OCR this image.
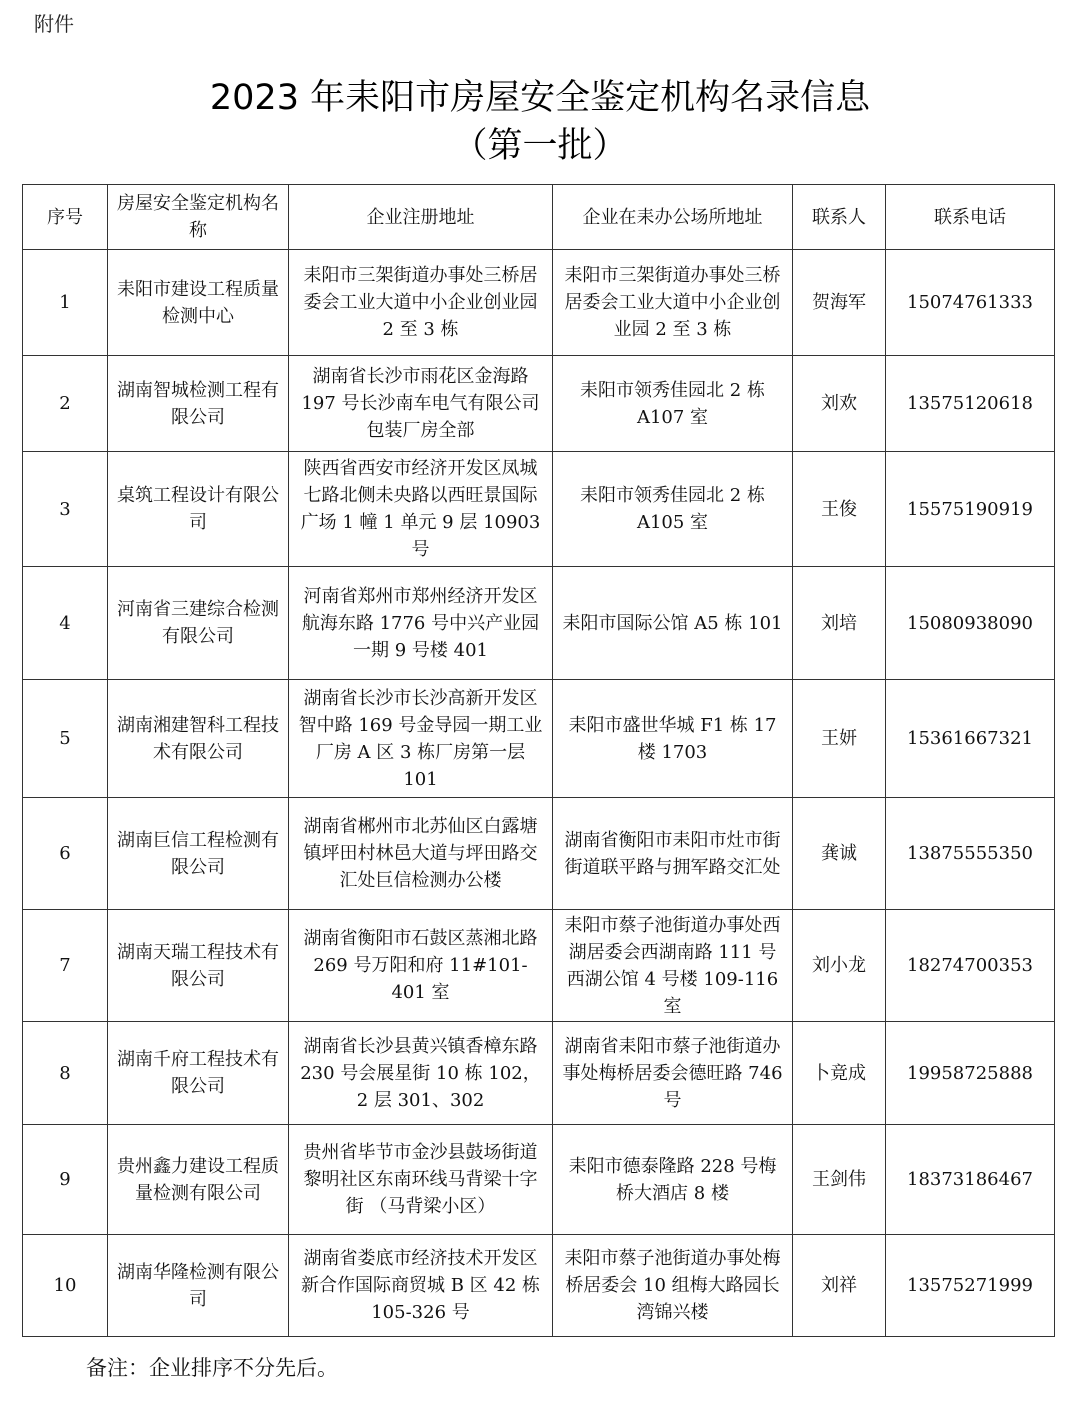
附件
2023 年耒阳市房屋安全鉴定机构名录信息
（第一批）
序号	房屋安全鉴定机构名称	企业注册地址	企业在耒办公场所地址	联系人	联系电话
1	耒阳市建设工程质量检测中心	耒阳市三架街道办事处三桥居委会工业大道中小企业创业园 2 至 3 栋	耒阳市三架街道办事处三桥居委会工业大道中小企业创业园 2 至 3 栋	贺海军	15074761333
2	湖南智城检测工程有限公司	湖南省长沙市雨花区金海路 197 号长沙南车电气有限公司包装厂房全部	耒阳市领秀佳园北 2 栋 A107 室	刘欢	13575120618
3	桌筑工程设计有限公司	陕西省西安市经济开发区凤城七路北侧未央路以西旺景国际广场 1 幢 1 单元 9 层 10903 号	耒阳市领秀佳园北 2 栋 A105 室	王俊	15575190919
4	河南省三建综合检测有限公司	河南省郑州市郑州经济开发区航海东路 1776 号中兴产业园一期 9 号楼 401	耒阳市国际公馆 A5 栋 101	刘培	15080938090
5	湖南湘建智科工程技术有限公司	湖南省长沙市长沙高新开发区智中路 169 号金导园一期工业厂房 A 区 3 栋厂房第一层 101	耒阳市盛世华城 F1 栋 17 楼 1703	王妍	15361667321
6	湖南巨信工程检测有限公司	湖南省郴州市北苏仙区白露塘镇坪田村林邑大道与坪田路交汇处巨信检测办公楼	湖南省衡阳市耒阳市灶市街街道联平路与拥军路交汇处	龚诚	13875555350
7	湖南天瑞工程技术有限公司	湖南省衡阳市石鼓区蒸湘北路 269 号万阳和府 11#101-401 室	耒阳市蔡子池街道办事处西湖居委会西湖南路 111 号西湖公馆 4 号楼 109-116 室	刘小龙	18274700353
8	湖南千府工程技术有限公司	湖南省长沙县黄兴镇香樟东路 230 号会展星街 10 栋 102，2 层 301、302	湖南省耒阳市蔡子池街道办事处梅桥居委会德旺路 746 号	卜竟成	19958725888
9	贵州鑫力建设工程质量检测有限公司	贵州省毕节市金沙县鼓场街道黎明社区东南环线马背梁十字街 （马背梁小区）	耒阳市德泰隆路 228 号梅桥大酒店 8 楼	王剑伟	18373186467
10	湖南华隆检测有限公司	湖南省娄底市经济技术开发区新合作国际商贸城 B 区 42 栋 105-326 号	耒阳市蔡子池街道办事处梅桥居委会 10 组梅大路园长湾锦兴楼	刘祥	13575271999
备注：企业排序不分先后。
